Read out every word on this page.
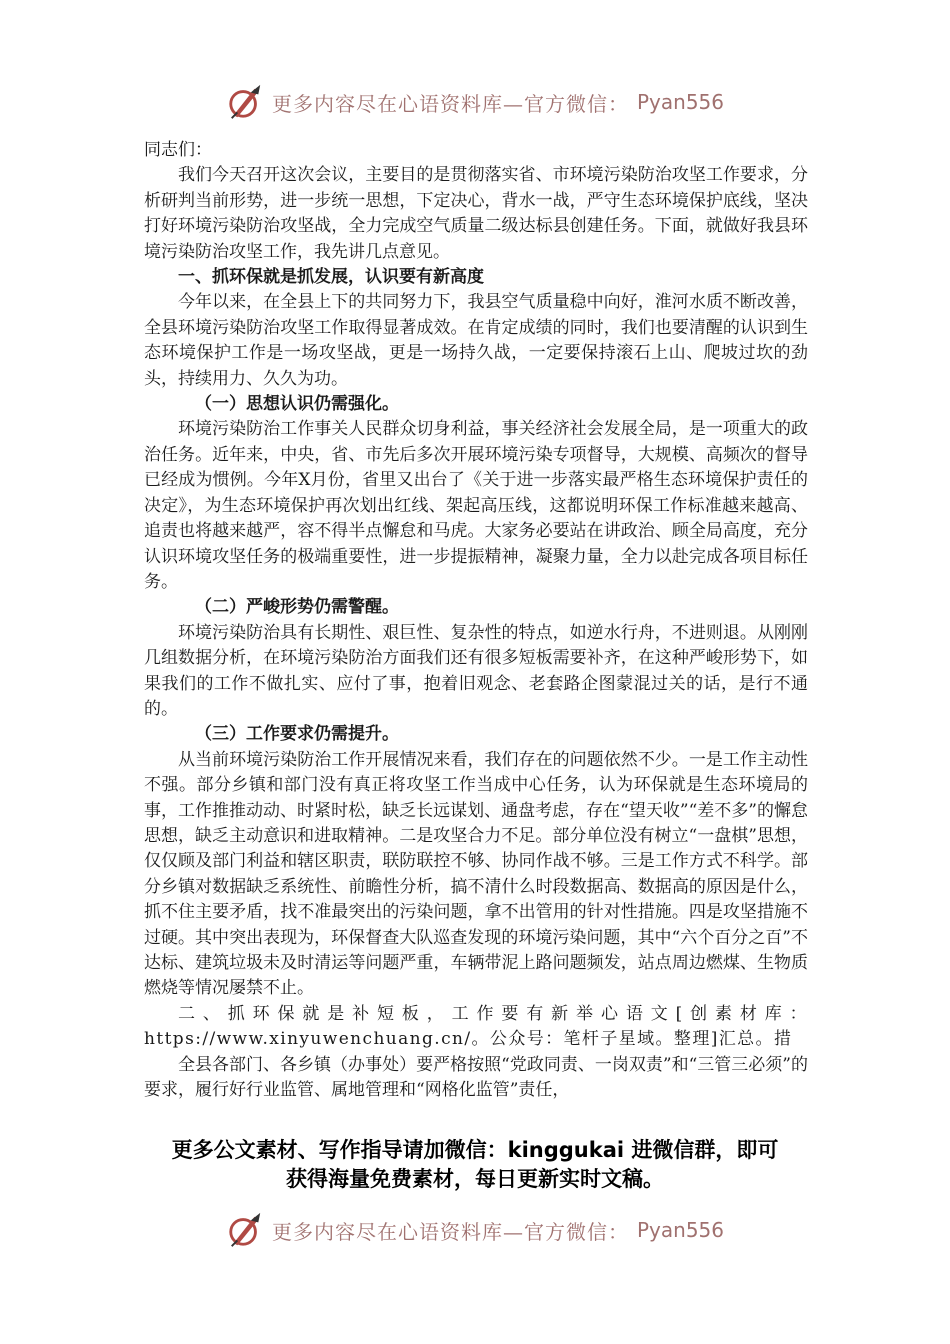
更多内容尽在心语资料库—官方微信： Pyan556

同志们：

我们今天召开这次会议，主要目的是贯彻落实省、市环境污染防治攻坚工作要求，分析研判当前形势，进一步统一思想，下定决心，背水一战，严守生态环境保护底线，坚决打好环境污染防治攻坚战，全力完成空气质量二级达标县创建任务。下面，就做好我县环境污染防治攻坚工作，我先讲几点意见。

一、抓环保就是抓发展，认识要有新高度

今年以来，在全县上下的共同努力下，我县空气质量稳中向好，淮河水质不断改善，全县环境污染防治攻坚工作取得显著成效。在肯定成绩的同时，我们也要清醒的认识到生态环境保护工作是一场攻坚战，更是一场持久战，一定要保持滚石上山、爬坡过坎的劲头，持续用力、久久为功。

（一）思想认识仍需强化。

环境污染防治工作事关人民群众切身利益，事关经济社会发展全局，是一项重大的政治任务。近年来，中央，省、市先后多次开展环境污染专项督导，大规模、高频次的督导已经成为惯例。今年X月份，省里又出台了《关于进一步落实最严格生态环境保护责任的决定》，为生态环境保护再次划出红线、架起高压线，这都说明环保工作标准越来越高、追责也将越来越严，容不得半点懈怠和马虎。大家务必要站在讲政治、顾全局高度，充分认识环境攻坚任务的极端重要性，进一步提振精神，凝聚力量，全力以赴完成各项目标任务。

（二）严峻形势仍需警醒。

环境污染防治具有长期性、艰巨性、复杂性的特点，如逆水行舟，不进则退。从刚刚几组数据分析，在环境污染防治方面我们还有很多短板需要补齐，在这种严峻形势下，如果我们的工作不做扎实、应付了事，抱着旧观念、老套路企图蒙混过关的话，是行不通的。

（三）工作要求仍需提升。

从当前环境污染防治工作开展情况来看，我们存在的问题依然不少。一是工作主动性不强。部分乡镇和部门没有真正将攻坚工作当成中心任务，认为环保就是生态环境局的事，工作推推动动、时紧时松，缺乏长远谋划、通盘考虑，存在“望天收”“差不多”的懈怠思想，缺乏主动意识和进取精神。二是攻坚合力不足。部分单位没有树立“一盘棋”思想，仅仅顾及部门利益和辖区职责，联防联控不够、协同作战不够。三是工作方式不科学。部分乡镇对数据缺乏系统性、前瞻性分析，搞不清什么时段数据高、数据高的原因是什么，抓不住主要矛盾，找不准最突出的污染问题，拿不出管用的针对性措施。四是攻坚措施不过硬。其中突出表现为，环保督查大队巡查发现的环境污染问题，其中“六个百分之百”不达标、建筑垃圾未及时清运等问题严重，车辆带泥上路问题频发，站点周边燃煤、生物质燃烧等情况屡禁不止。

二、抓环保就是补短板，工作要有新举心语文[创素材库：https://www.xinyuwenchuang.cn/。公众号：笔杆子星域。整理]汇总。措

全县各部门、各乡镇（办事处）要严格按照“党政同责、一岗双责”和“三管三必须”的要求，履行好行业监管、属地管理和“网格化监管”责任，

更多公文素材、写作指导请加微信：kinggukai 进微信群，即可
获得海量免费素材，每日更新实时文稿。
更多内容尽在心语资料库—官方微信： Pyan556
